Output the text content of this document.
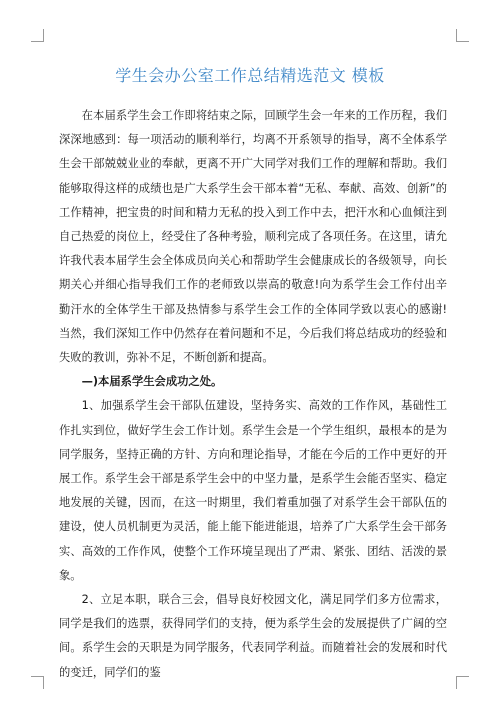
学生会办公室工作总结精选范文 模板

在本届系学生会工作即将结束之际，回顾学生会一年来的工作历程，我们深深地感到：每一项活动的顺利举行，均离不开系领导的指导，离不全体系学生会干部兢兢业业的奉献，更离不开广大同学对我们工作的理解和帮助。我们能够取得这样的成绩也是广大系学生会干部本着“无私、奉献、高效、创新”的工作精神，把宝贵的时间和精力无私的投入到工作中去，把汗水和心血倾注到自己热爱的岗位上，经受住了各种考验，顺利完成了各项任务。在这里，请允许我代表本届学生会全体成员向关心和帮助学生会健康成长的各级领导，向长期关心并细心指导我们工作的老师致以崇高的敬意!向为系学生会工作付出辛勤汗水的全体学生干部及热情参与系学生会工作的全体同学致以衷心的感谢!当然，我们深知工作中仍然存在着问题和不足，今后我们将总结成功的经验和失败的教训，弥补不足，不断创新和提高。

—)本届系学生会成功之处。

1、加强系学生会干部队伍建设，坚持务实、高效的工作作风，基础性工作扎实到位，做好学生会工作计划。系学生会是一个学生组织，最根本的是为同学服务，坚持正确的方针、方向和理论指导，才能在今后的工作中更好的开展工作。系学生会干部是系学生会中的中坚力量，是系学生会能否坚实、稳定地发展的关键，因而，在这一时期里，我们着重加强了对系学生会干部队伍的建设，使人员机制更为灵活，能上能下能进能退，培养了广大系学生会干部务实、高效的工作作风，使整个工作环境呈现出了严肃、紧张、团结、活泼的景象。

2、立足本职，联合三会，倡导良好校园文化，满足同学们多方位需求，同学是我们的选票，获得同学们的支持，便为系学生会的发展提供了广阔的空间。系学生会的天职是为同学服务，代表同学利益。而随着社会的发展和时代的变迁，同学们的鉴
